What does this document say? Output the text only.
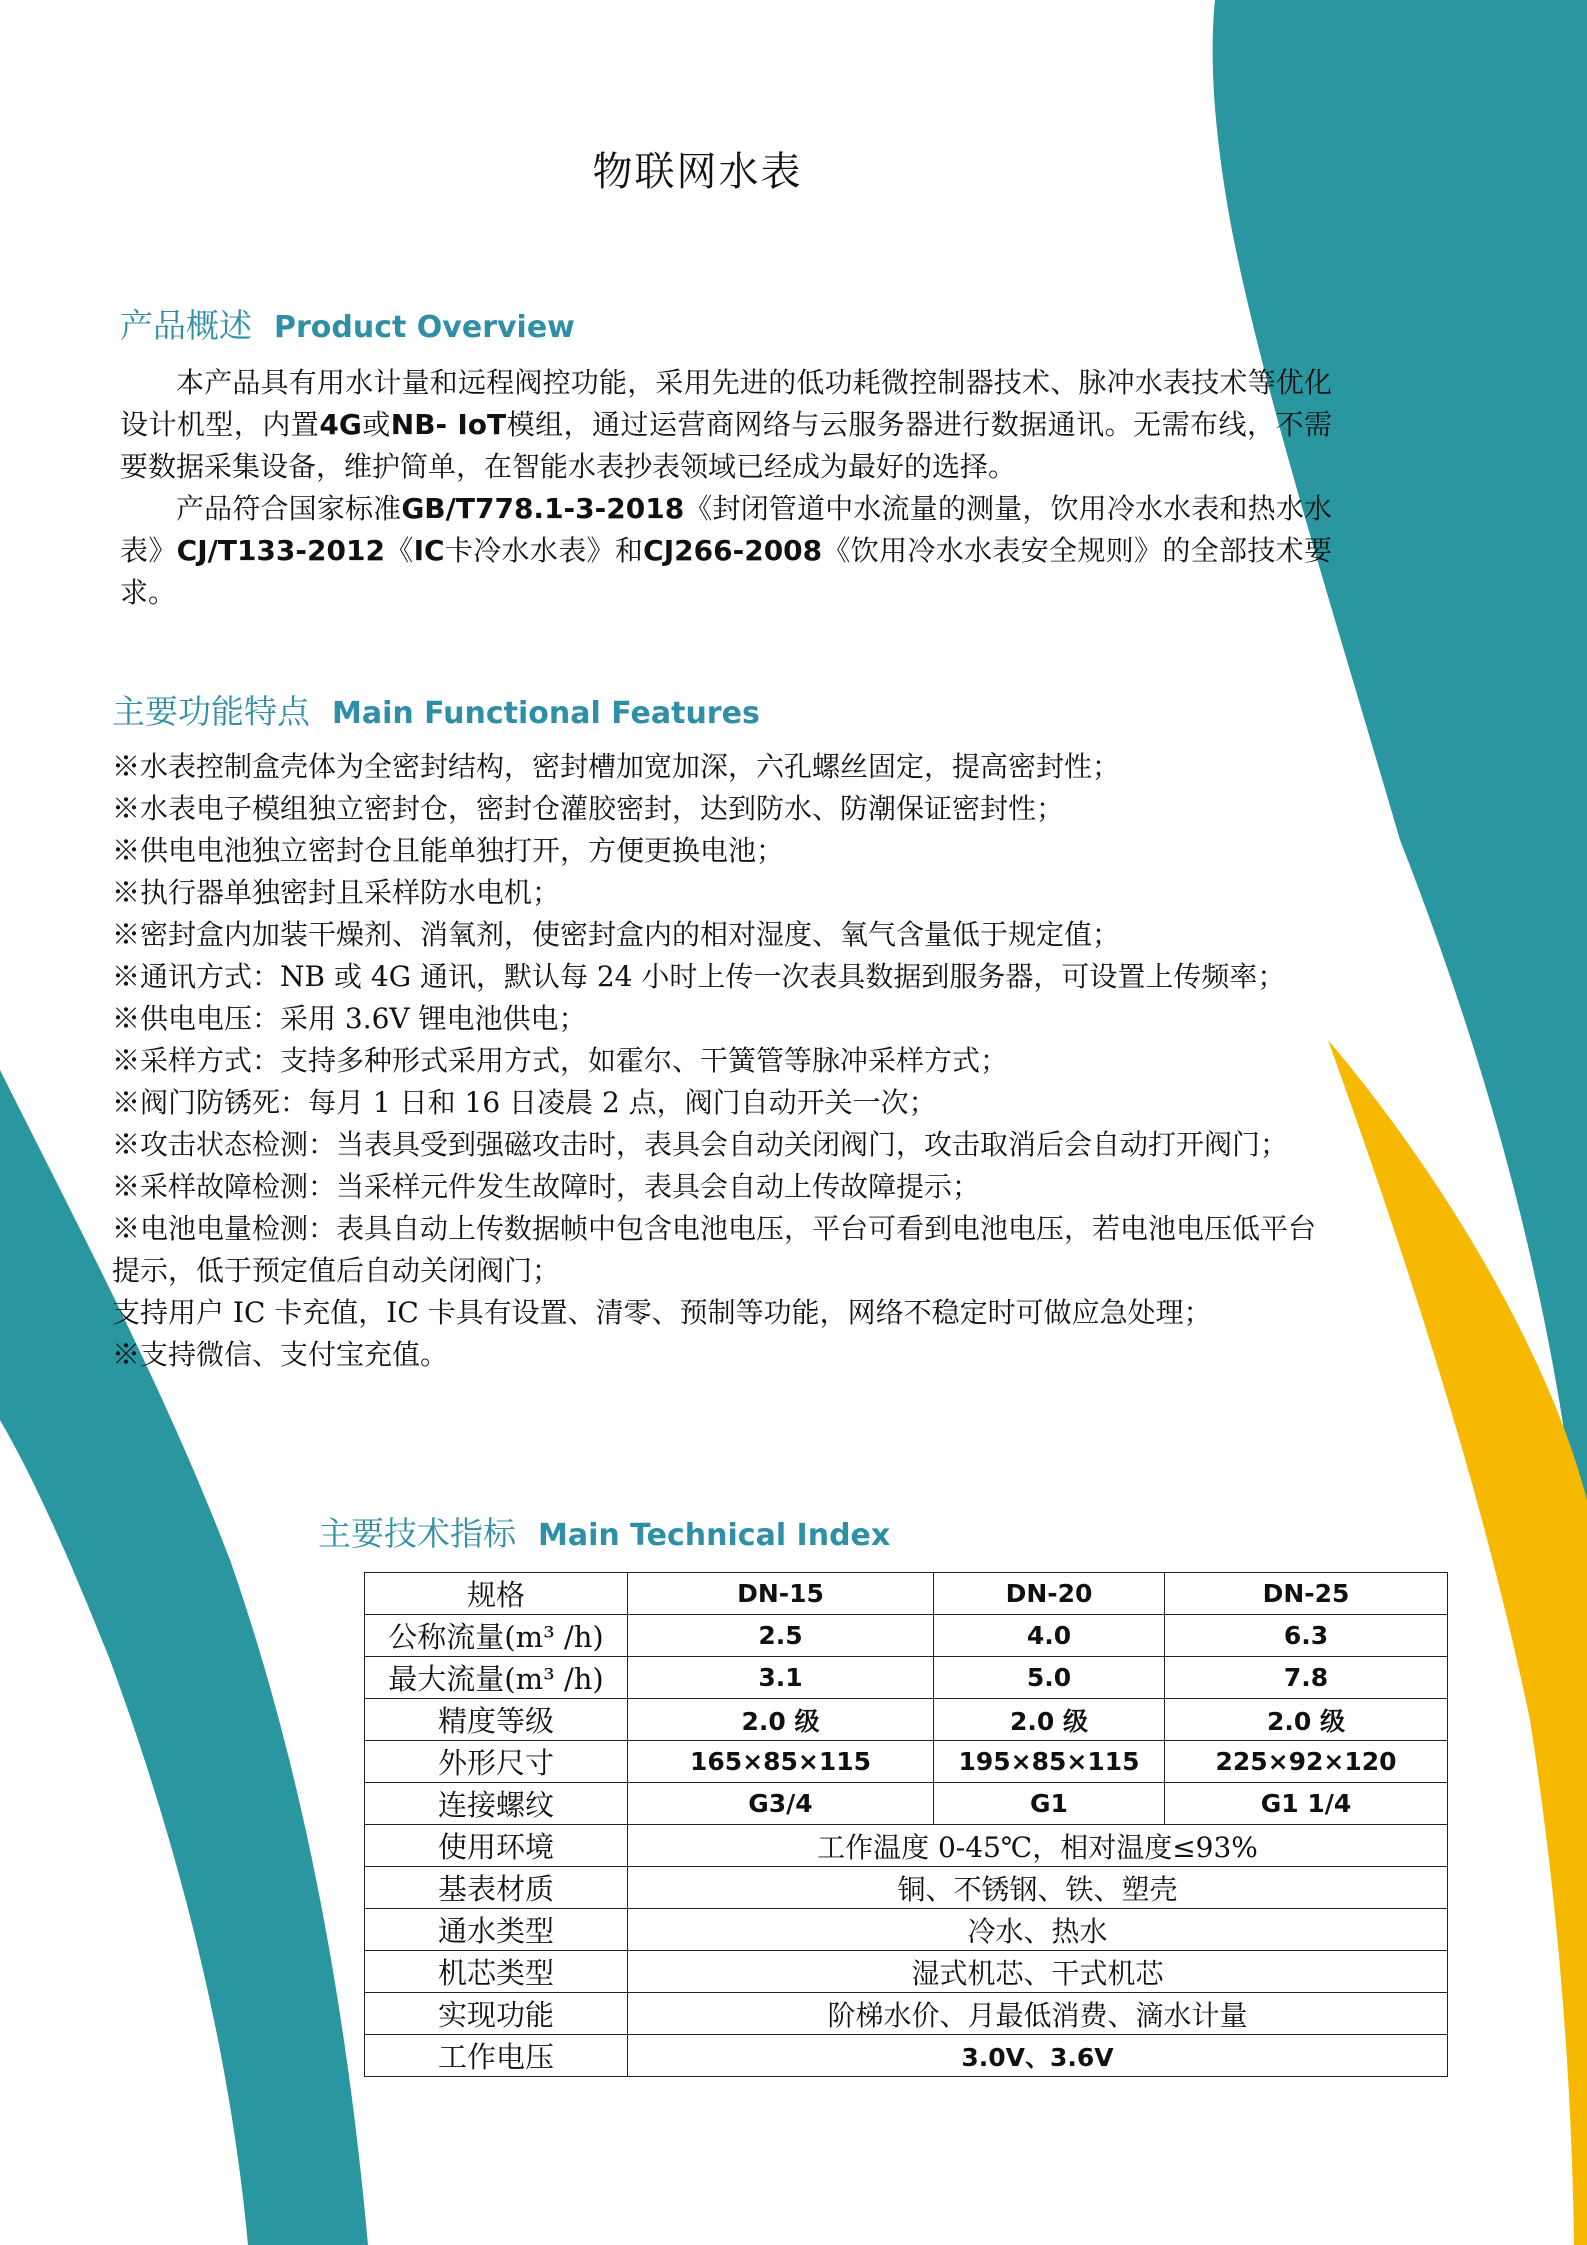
物联网水表
产品概述 Product Overview

本产品具有用水计量和远程阀控功能，采用先进的低功耗微控制器技术、脉冲水表技术等优化设计机型，内置4G或NB- IoT模组，通过运营商网络与云服务器进行数据通讯。无需布线，不需要数据采集设备，维护简单，在智能水表抄表领域已经成为最好的选择。

产品符合国家标准GB/T778.1-3-2018《封闭管道中水流量的测量，饮用冷水水表和热水水表》CJ/T133-2012《IC卡冷水水表》和CJ266-2008《饮用冷水水表安全规则》的全部技术要求。

主要功能特点 Main Functional Features
※水表控制盒壳体为全密封结构，密封槽加宽加深，六孔螺丝固定，提高密封性；
※水表电子模组独立密封仓，密封仓灌胶密封，达到防水、防潮保证密封性；
※供电电池独立密封仓且能单独打开，方便更换电池；
※执行器单独密封且采样防水电机；
※密封盒内加装干燥剂、消氧剂，使密封盒内的相对湿度、氧气含量低于规定值；
※通讯方式：NB 或 4G 通讯，默认每 24 小时上传一次表具数据到服务器，可设置上传频率；
※供电电压：采用 3.6V 锂电池供电；
※采样方式：支持多种形式采用方式，如霍尔、干簧管等脉冲采样方式；
※阀门防锈死：每月 1 日和 16 日凌晨 2 点，阀门自动开关一次；
※攻击状态检测：当表具受到强磁攻击时，表具会自动关闭阀门，攻击取消后会自动打开阀门；
※采样故障检测：当采样元件发生故障时，表具会自动上传故障提示；
※电池电量检测：表具自动上传数据帧中包含电池电压，平台可看到电池电压，若电池电压低平台提示，低于预定值后自动关闭阀门；
支持用户 IC 卡充值，IC 卡具有设置、清零、预制等功能，网络不稳定时可做应急处理；
※支持微信、支付宝充值。
主要技术指标 Main Technical Index
规格	DN-15	DN-20	DN-25
公称流量(m³ /h)	2.5	4.0	6.3
最大流量(m³ /h)	3.1	5.0	7.8
精度等级	2.0 级	2.0 级	2.0 级
外形尺寸	165×85×115	195×85×115	225×92×120
连接螺纹	G3/4	G1	G1 1/4
使用环境	工作温度 0-45℃，相对温度≤93%		
基表材质	铜、不锈钢、铁、塑壳		
通水类型	冷水、热水		
机芯类型	湿式机芯、干式机芯		
实现功能	阶梯水价、月最低消费、滴水计量		
工作电压	3.0V、3.6V		
